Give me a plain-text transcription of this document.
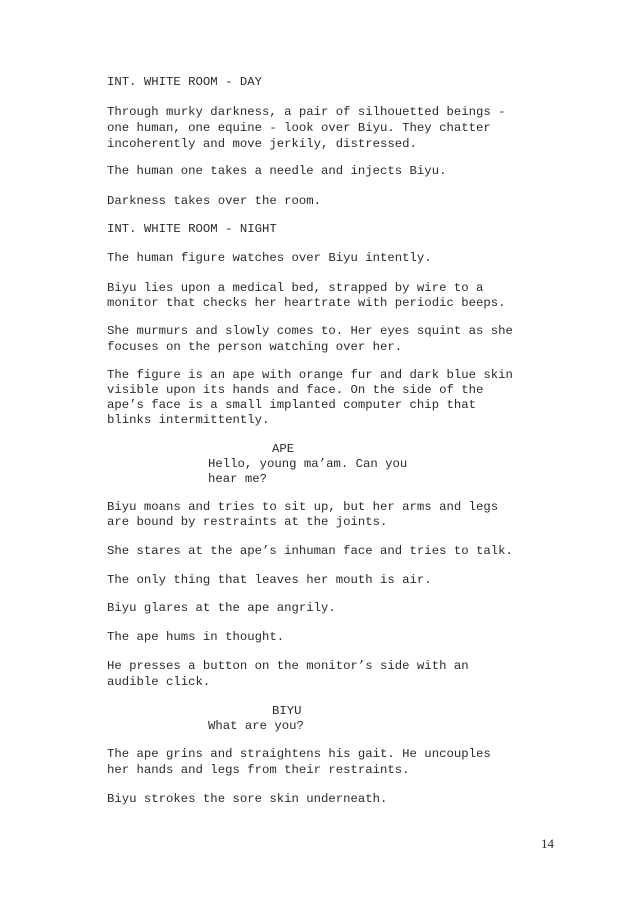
INT. WHITE ROOM - DAY
Through murky darkness, a pair of silhouetted beings -
one human, one equine - look over Biyu. They chatter
incoherently and move jerkily, distressed.
The human one takes a needle and injects Biyu.
Darkness takes over the room.
INT. WHITE ROOM - NIGHT
The human figure watches over Biyu intently.
Biyu lies upon a medical bed, strapped by wire to a
monitor that checks her heartrate with periodic beeps.
She murmurs and slowly comes to. Her eyes squint as she
focuses on the person watching over her.
The figure is an ape with orange fur and dark blue skin
visible upon its hands and face. On the side of the
ape’s face is a small implanted computer chip that
blinks intermittently.
APE
Hello, young ma’am. Can you
hear me?
Biyu moans and tries to sit up, but her arms and legs
are bound by restraints at the joints.
She stares at the ape’s inhuman face and tries to talk.
The only thing that leaves her mouth is air.
Biyu glares at the ape angrily.
The ape hums in thought.
He presses a button on the monitor’s side with an
audible click.
BIYU
What are you?
The ape grins and straightens his gait. He uncouples
her hands and legs from their restraints.
Biyu strokes the sore skin underneath.
14
